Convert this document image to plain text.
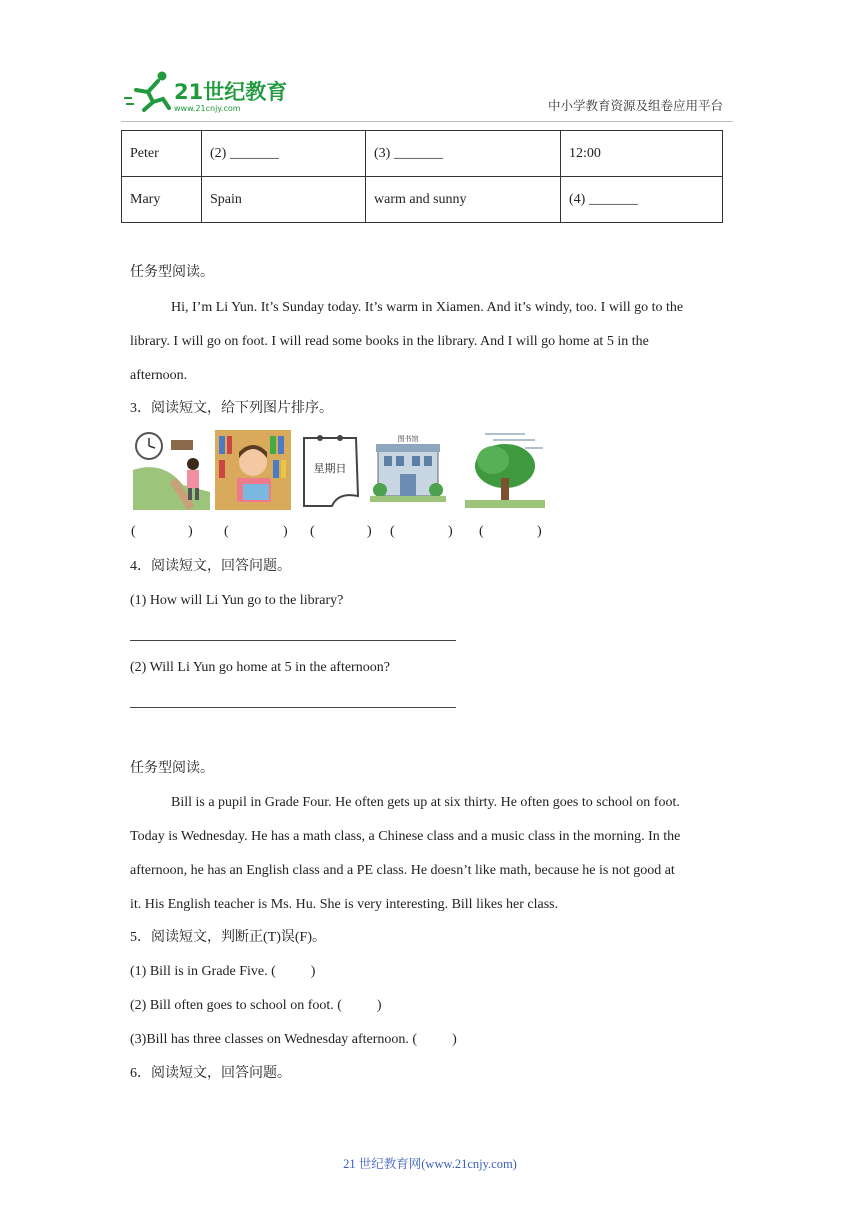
21世纪教育
www.21cnjy.com	中小学教育资源及组卷应用平台
Peter	(2) _______	(3) _______	12:00
Mary	Spain	warm and sunny	(4) _______
任务型阅读。
Hi, I’m Li Yun. It’s Sunday today. It’s warm in Xiamen. And it’s windy, too. I will go to the
library. I will go on foot. I will read some books in the library. And I will go home at 5 in the
afternoon.
3．阅读短文，给下列图片排序。
星期日
图书馆
(	) (	) (	) (	) (	)
4．阅读短文，回答问题。
(1) How will Li Yun go to the library?
(2) Will Li Yun go home at 5 in the afternoon?
任务型阅读。
Bill is a pupil in Grade Four. He often gets up at six thirty. He often goes to school on foot.
Today is Wednesday. He has a math class, a Chinese class and a music class in the morning. In the
afternoon, he has an English class and a PE class. He doesn’t like math, because he is not good at
it. His English teacher is Ms. Hu. She is very interesting. Bill likes her class.
5．阅读短文，判断正(T)误(F)。
(1) Bill is in Grade Five. (          )
(2) Bill often goes to school on foot. (          )
(3)Bill has three classes on Wednesday afternoon. (          )
6．阅读短文，回答问题。
21 世纪教育网(www.21cnjy.com)
